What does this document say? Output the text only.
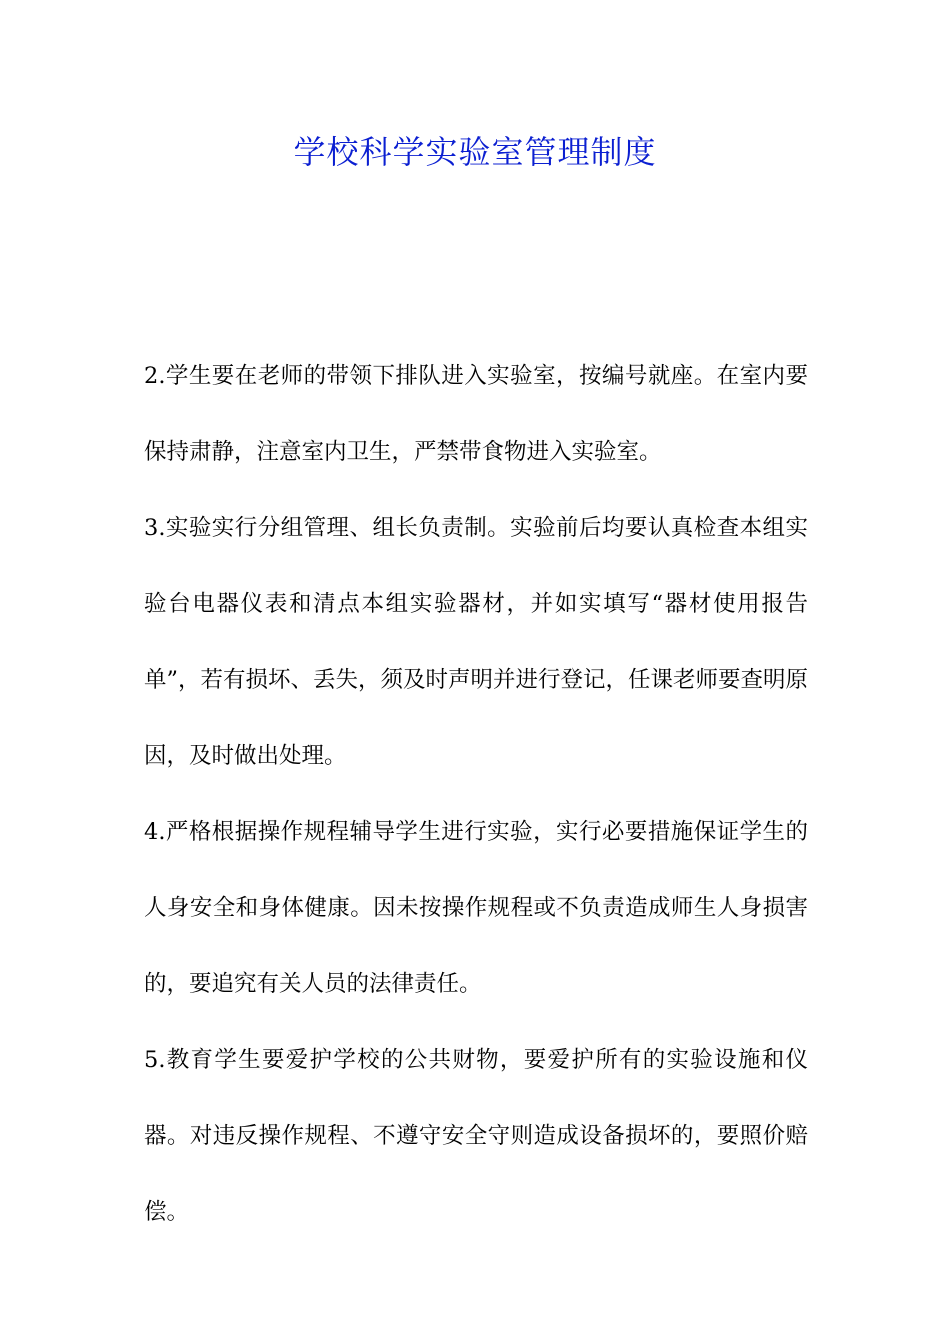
学校科学实验室管理制度

2.学生要在老师的带领下排队进入实验室，按编号就座。在室内要保持肃静，注意室内卫生，严禁带食物进入实验室。

3.实验实行分组管理、组长负责制。实验前后均要认真检查本组实验台电器仪表和清点本组实验器材，并如实填写“器材使用报告单”，若有损坏、丢失，须及时声明并进行登记，任课老师要查明原因，及时做出处理。

4.严格根据操作规程辅导学生进行实验，实行必要措施保证学生的人身安全和身体健康。因未按操作规程或不负责造成师生人身损害的，要追究有关人员的法律责任。

5.教育学生要爱护学校的公共财物，要爱护所有的实验设施和仪器。对违反操作规程、不遵守安全守则造成设备损坏的，要照价赔偿。
